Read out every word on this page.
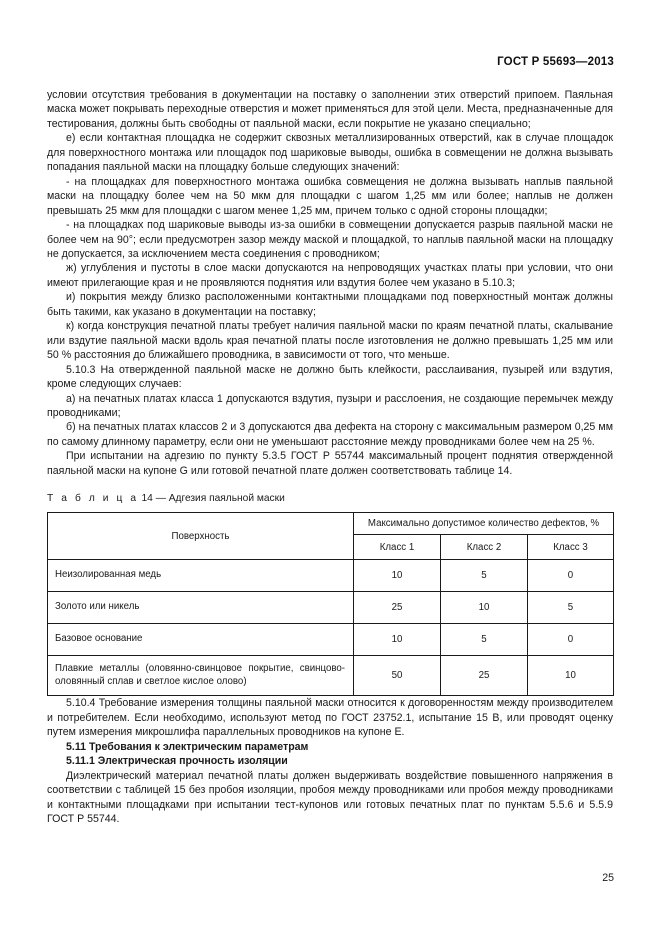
ГОСТ Р 55693—2013

условии отсутствия требования в документации на поставку о заполнении этих отверстий припоем. Паяльная маска может покрывать переходные отверстия и может применяться для этой цели. Места, предназначенные для тестирования, должны быть свободны от паяльной маски, если покрытие не указано специально;

е) если контактная площадка не содержит сквозных металлизированных отверстий, как в случае площадок для поверхностного монтажа или площадок под шариковые выводы, ошибка в совмещении не должна вызывать попадания паяльной маски на площадку больше следующих значений:

- на площадках для поверхностного монтажа ошибка совмещения не должна вызывать наплыв паяльной маски на площадку более чем на 50 мкм для площадки с шагом 1,25 мм или более; наплыв не должен превышать 25 мкм для площадки с шагом менее 1,25 мм, причем только с одной стороны площадки;

- на площадках под шариковые выводы из-за ошибки в совмещении допускается разрыв паяльной маски не более чем на 90°; если предусмотрен зазор между маской и площадкой, то наплыв паяльной маски на площадку не допускается, за исключением места соединения с проводником;

ж) углубления и пустоты в слое маски допускаются на непроводящих участках платы при условии, что они имеют прилегающие края и не проявляются поднятия или вздутия более чем указано в 5.10.3;

и) покрытия между близко расположенными контактными площадками под поверхностный монтаж должны быть такими, как указано в документации на поставку;

к) когда конструкция печатной платы требует наличия паяльной маски по краям печатной платы, скалывание или вздутие паяльной маски вдоль края печатной платы после изготовления не должно превышать 1,25 мм или 50 % расстояния до ближайшего проводника, в зависимости от того, что меньше.

5.10.3 На отвержденной паяльной маске не должно быть клейкости, расслаивания, пузырей или вздутия, кроме следующих случаев:

а) на печатных платах класса 1 допускаются вздутия, пузыри и расслоения, не создающие перемычек между проводниками;

б) на печатных платах классов 2 и 3 допускаются два дефекта на сторону с максимальным размером 0,25 мм по самому длинному параметру, если они не уменьшают расстояние между проводниками более чем на 25 %.

При испытании на адгезию по пункту 5.3.5 ГОСТ Р 55744 максимальный процент поднятия отвержденной паяльной маски на купоне G или готовой печатной плате должен соответствовать таблице 14.

Т а б л и ц а 14 — Адгезия паяльной маски
Поверхность	Максимально допустимое количество дефектов, %		
	Класс 1	Класс 2	Класс 3
Неизолированная медь	10	5	0
Золото или никель	25	10	5
Базовое основание	10	5	0
Плавкие металлы (оловянно-свинцовое покрытие, свинцово-оловянный сплав и светлое кислое олово)	50	25	10

5.10.4 Требование измерения толщины паяльной маски относится к договоренностям между производителем и потребителем. Если необходимо, используют метод по ГОСТ 23752.1, испытание 15 В, или проводят оценку путем измерения микрошлифа параллельных проводников на купоне Е.

5.11 Требования к электрическим параметрам
5.11.1 Электрическая прочность изоляции

Диэлектрический материал печатной платы должен выдерживать воздействие повышенного напряжения в соответствии с таблицей 15 без пробоя изоляции, пробоя между проводниками или пробоя между проводниками и контактными площадками при испытании тест-купонов или готовых печатных плат по пунктам 5.5.6 и 5.5.9 ГОСТ Р 55744.

25
